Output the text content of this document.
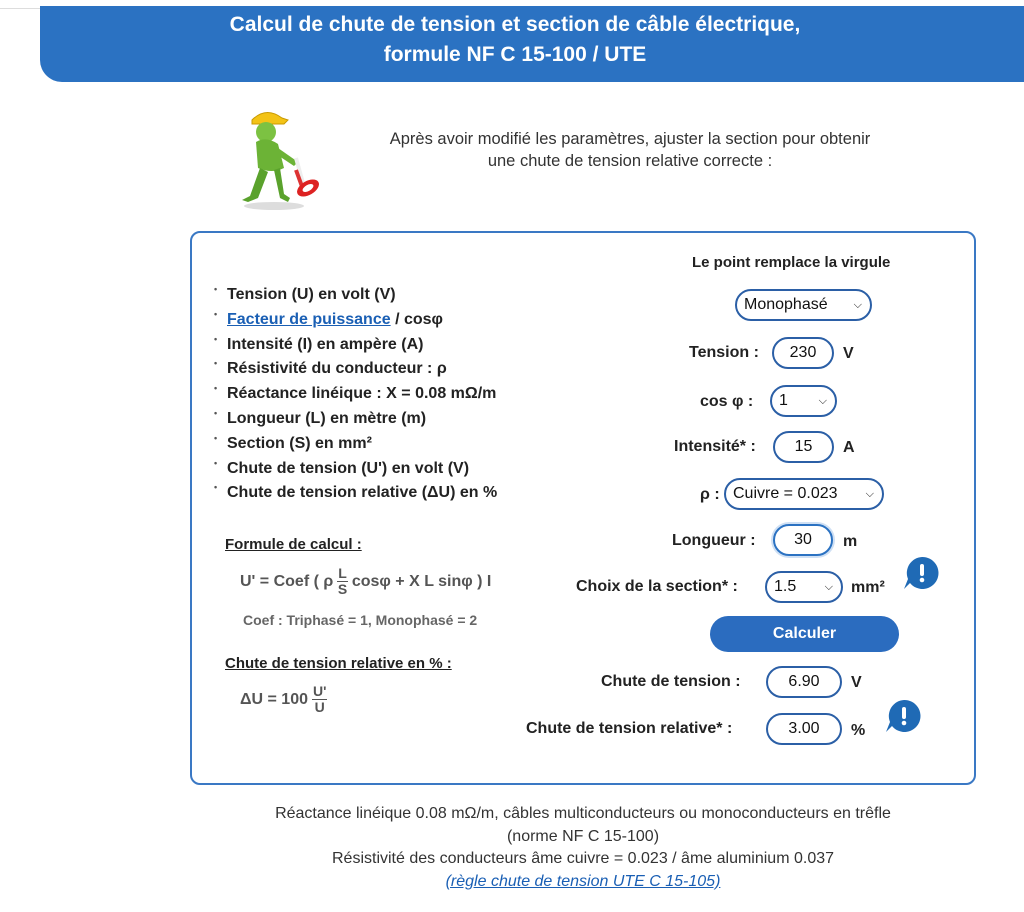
Calcul de chute de tension et section de câble électrique,
formule NF C 15-100 / UTE
Après avoir modifié les paramètres, ajuster la section pour obtenir
une chute de tension relative correcte :
• Tension (U) en volt (V)
• Facteur de puissance / cosφ
• Intensité (I) en ampère (A)
• Résistivité du conducteur : ρ
• Réactance linéique : X = 0.08 mΩ/m
• Longueur (L) en mètre (m)
• Section (S) en mm²
• Chute de tension (U') en volt (V)
• Chute de tension relative (ΔU) en %
Formule de calcul :
U' = Coef ( ρ $\frac{L}{S}$ cosφ + X L sinφ ) I
Coef : Triphasé = 1, Monophasé = 2
Chute de tension relative en % :
$\Delta U = 100 \frac{U'}{U}$
Le point remplace la virgule
Monophasé ⌵
Tension :	230	V
cos φ : 1	⌵
Intensité* :	15	A
ρ : Cuivre = 0.023	⌵
Longueur :	30	m
Choix de la section* : 1.5	⌵ mm²
Calculer
Chute de tension :	6.90	V
Chute de tension relative* :	3.00	%
Réactance linéique 0.08 mΩ/m, câbles multiconducteurs ou monoconducteurs en trêfle
(norme NF C 15-100)
Résistivité des conducteurs âme cuivre = 0.023 / âme aluminium 0.037
(règle chute de tension UTE C 15-105)
